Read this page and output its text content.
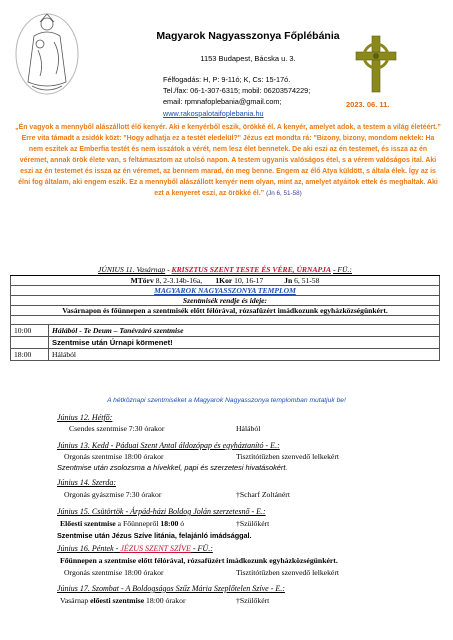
Magyarok Nagyasszonya Főplébánia
1153 Budapest, Bácska u. 3.
Félfogadás: H, P: 9-11ó; K, Cs: 15-17ó.
Tel./fax: 06-1-307-6315; mobil: 06203574229;
email: rpmnafoplebania@gmail.com;
www.rakospalotaifoplebania.hu
2023. 06. 11.
„Én vagyok a mennyből alászállott élő kenyér. Aki e kenyérből eszik, örökké él. A kenyér, amelyet adok, a testem a világ életéért.” Erre vita támadt a zsidók közt: "Hogy adhatja ez a testét eledelül?" Jézus ezt mondta rá: "Bizony, bizony, mondom nektek: Ha nem eszitek az Emberfia testét és nem isszátok a vérét, nem lesz élet bennetek. De aki eszi az én testemet, és issza az én véremet, annak örök élete van, s feltámasztom az utolsó napon. A testem ugyanis valóságos étel, s a vérem valóságos ital. Aki eszi az én testemet és issza az én véremet, az bennem marad, én meg benne. Engem az élő Atya küldött, s általa élek. Így az is élni fog általam, aki engem eszik. Ez a mennyből alászállott kenyér nem olyan, mint az, amelyet atyáitok ettek és meghaltak. Aki ezt a kenyeret eszi, az örökké él.” (Jn 6, 51-58)
JÚNIUS 11. Vasárnap - KRISZTUS SZENT TESTE ÉS VÉRE, ÚRNAPJA - FÜ.:	
MTörv 8, 2-3.14b-16a,       1Kor 10, 16-17 Jn 6, 51-58	
MAGYAROK NAGYASSZONYA TEMPLOM	
Szentmisék rendje és ideje:	
Vasárnapon és főünnepen a szentmisék előtt félórával, rózsafüzért imádkozunk egyházközségünkért.	

10:00	Hálából - Te Deum – Tanévzáró szentmise
	Szentmise után Úrnapi körmenet!
18:00	Hálából
A hétköznapi szentmiséket a Magyarok Nagyasszonya templomban mutatjuk be!
Június 12. Hétfő:
Csendes szentmise 7:30 órakor	Hálából
Június 13. Kedd - Páduai Szent Antal áldozópap és egyháztanító - E.:
Orgonás szentmise 18:00 órakor	Tisztítótűzben szenvedő lelkekért
Szentmise után zsolozsma a hívekkel, papi és szerzetesi hivatásokért.
Június 14. Szerda:
Orgonás gyászmise 7:30 órakor	†Scharf Zoltánért
Június 15. Csütörtök - Árpád-házi Boldog Jolán szerzetesnő - E.:
Előesti szentmise a Főünnepről 18:00 ó	†Szülőkért
Szentmise után Jézus Szíve litánia, felajánló imádsággal.
Június 16. Péntek - JÉZUS SZENT SZÍVE - FÜ.:
Főünnepen a szentmise előtt félórával, rózsafüzért imádkozunk egyházközségünkért.
Orgonás szentmise 18:00 órakor	Tisztítótűzben szenvedő lelkekért
Június 17. Szombat - A Boldogságos Szűz Mária Szeplőtelen Szíve - E.:
Vasárnap előesti szentmise 18:00 órakor	†Szülőkért
